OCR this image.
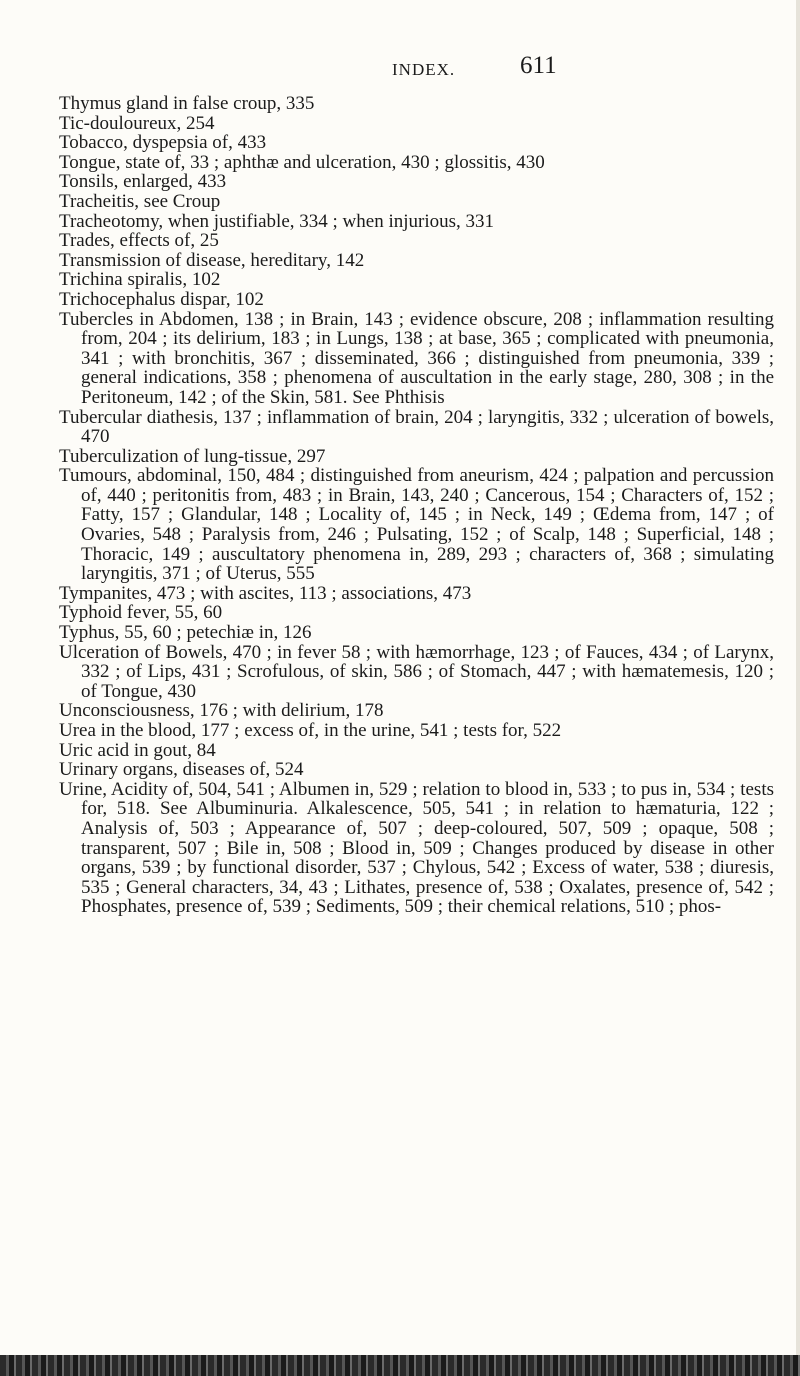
INDEX.	611

Thymus gland in false croup, 335

Tic-douloureux, 254

Tobacco, dyspepsia of, 433

Tongue, state of, 33 ; aphthæ and ulceration, 430 ; glossitis, 430

Tonsils, enlarged, 433

Tracheitis, see Croup

Tracheotomy, when justifiable, 334 ; when injurious, 331

Trades, effects of, 25

Transmission of disease, hereditary, 142

Trichina spiralis, 102

Trichocephalus dispar, 102

Tubercles in Abdomen, 138 ; in Brain, 143 ; evidence obscure, 208 ; inflammation resulting from, 204 ; its delirium, 183 ; in Lungs, 138 ; at base, 365 ; complicated with pneumonia, 341 ; with bronchitis, 367 ; disseminated, 366 ; distinguished from pneumonia, 339 ; general indications, 358 ; phenomena of auscultation in the early stage, 280, 308 ; in the Peritoneum, 142 ; of the Skin, 581. See Phthisis

Tubercular diathesis, 137 ; inflammation of brain, 204 ; laryngitis, 332 ; ulceration of bowels, 470

Tuberculization of lung-tissue, 297

Tumours, abdominal, 150, 484 ; distinguished from aneurism, 424 ; palpation and percussion of, 440 ; peritonitis from, 483 ; in Brain, 143, 240 ; Cancerous, 154 ; Characters of, 152 ; Fatty, 157 ; Glandular, 148 ; Locality of, 145 ; in Neck, 149 ; Œdema from, 147 ; of Ovaries, 548 ; Paralysis from, 246 ; Pulsating, 152 ; of Scalp, 148 ; Superficial, 148 ; Thoracic, 149 ; auscultatory phenomena in, 289, 293 ; characters of, 368 ; simulating laryngitis, 371 ; of Uterus, 555

Tympanites, 473 ; with ascites, 113 ; associations, 473

Typhoid fever, 55, 60

Typhus, 55, 60 ; petechiæ in, 126

Ulceration of Bowels, 470 ; in fever 58 ; with hæmorrhage, 123 ; of Fauces, 434 ; of Larynx, 332 ; of Lips, 431 ; Scrofulous, of skin, 586 ; of Stomach, 447 ; with hæmatemesis, 120 ; of Tongue, 430

Unconsciousness, 176 ; with delirium, 178

Urea in the blood, 177 ; excess of, in the urine, 541 ; tests for, 522

Uric acid in gout, 84

Urinary organs, diseases of, 524

Urine, Acidity of, 504, 541 ; Albumen in, 529 ; relation to blood in, 533 ; to pus in, 534 ; tests for, 518. See Albuminuria. Alkalescence, 505, 541 ; in relation to hæmaturia, 122 ; Analysis of, 503 ; Appearance of, 507 ; deep-coloured, 507, 509 ; opaque, 508 ; transparent, 507 ; Bile in, 508 ; Blood in, 509 ; Changes produced by disease in other organs, 539 ; by functional disorder, 537 ; Chylous, 542 ; Excess of water, 538 ; diuresis, 535 ; General characters, 34, 43 ; Lithates, presence of, 538 ; Oxalates, presence of, 542 ; Phosphates, presence of, 539 ; Sediments, 509 ; their chemical relations, 510 ; phos-
